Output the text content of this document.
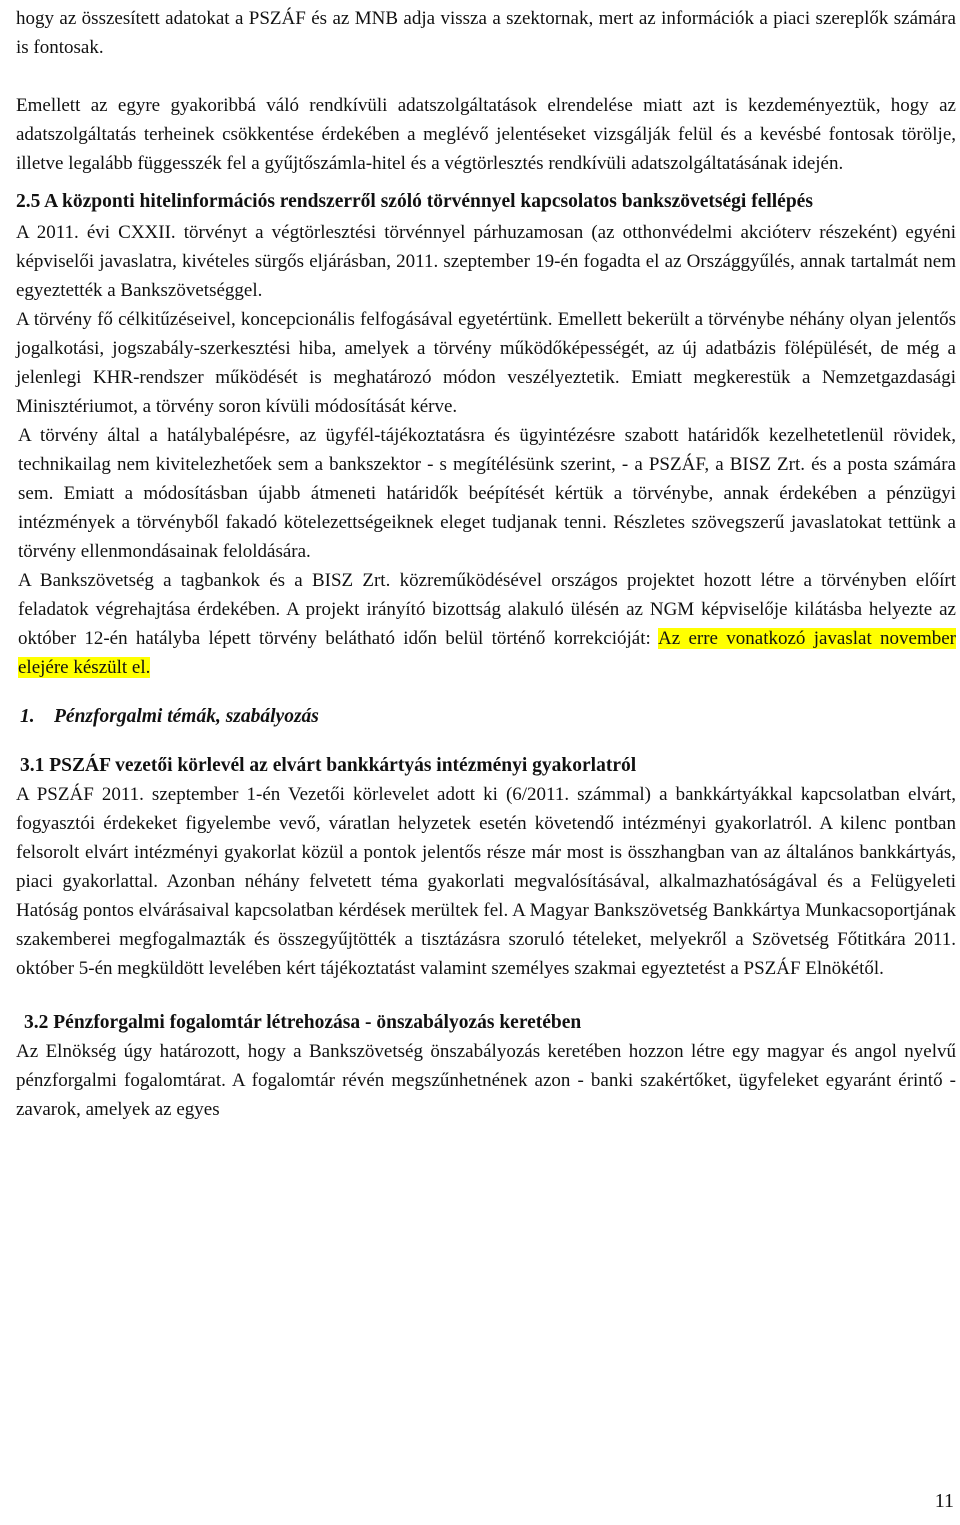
hogy az összesített adatokat a PSZÁF és az MNB adja vissza a szektornak, mert az információk a piaci szereplők számára is fontosak.

Emellett az egyre gyakoribbá váló rendkívüli adatszolgáltatások elrendelése miatt azt is kezdeményeztük, hogy az adatszolgáltatás terheinek csökkentése érdekében a meglévő jelentéseket vizsgálják felül és a kevésbé fontosak törölje, illetve legalább függesszék fel a gyűjtőszámla-hitel és a végtörlesztés rendkívüli adatszolgáltatásának idején.

2.5 A központi hitelinformációs rendszerről szóló törvénnyel kapcsolatos bankszövetségi fellépés

A 2011. évi CXXII. törvényt a végtörlesztési törvénnyel párhuzamosan (az otthonvédelmi akcióterv részeként) egyéni képviselői javaslatra, kivételes sürgős eljárásban, 2011. szeptember 19-én fogadta el az Országgyűlés, annak tartalmát nem egyeztették a Bankszövetséggel.

A törvény fő célkitűzéseivel, koncepcionális felfogásával egyetértünk. Emellett bekerült a törvénybe néhány olyan jelentős jogalkotási, jogszabály-szerkesztési hiba, amelyek a törvény működőképességét, az új adatbázis fölépülését, de még a jelenlegi KHR-rendszer működését is meghatározó módon veszélyeztetik. Emiatt megkerestük a Nemzetgazdasági Minisztériumot, a törvény soron kívüli módosítását kérve.

A törvény által a hatálybalépésre, az ügyfél-tájékoztatásra és ügyintézésre szabott határidők kezelhetetlenül rövidek, technikailag nem kivitelezhetőek sem a bankszektor - s megítélésünk szerint, - a PSZÁF, a BISZ Zrt. és a posta számára sem. Emiatt a módosításban újabb átmeneti határidők beépítését kértük a törvénybe, annak érdekében a pénzügyi intézmények a törvényből fakadó kötelezettségeiknek eleget tudjanak tenni. Részletes szövegszerű javaslatokat tettünk a törvény ellenmondásainak feloldására.

A Bankszövetség a tagbankok és a BISZ Zrt. közreműködésével országos projektet hozott létre a törvényben előírt feladatok végrehajtása érdekében. A projekt irányító bizottság alakuló ülésén az NGM képviselője kilátásba helyezte az október 12-én hatályba lépett törvény belátható időn belül történő korrekcióját: Az erre vonatkozó javaslat november elejére készült el.

1. Pénzforgalmi témák, szabályozás

3.1 PSZÁF vezetői körlevél az elvárt bankkártyás intézményi gyakorlatról

A PSZÁF 2011. szeptember 1-én Vezetői körlevelet adott ki (6/2011. számmal) a bankkártyákkal kapcsolatban elvárt, fogyasztói érdekeket figyelembe vevő, váratlan helyzetek esetén követendő intézményi gyakorlatról. A kilenc pontban felsorolt elvárt intézményi gyakorlat közül a pontok jelentős része már most is összhangban van az általános bankkártyás, piaci gyakorlattal. Azonban néhány felvetett téma gyakorlati megvalósításával, alkalmazhatóságával és a Felügyeleti Hatóság pontos elvárásaival kapcsolatban kérdések merültek fel. A Magyar Bankszövetség Bankkártya Munkacsoportjának szakemberei megfogalmazták és összegyűjtötték a tisztázásra szoruló tételeket, melyekről a Szövetség Főtitkára 2011. október 5-én megküldött levelében kért tájékoztatást valamint személyes szakmai egyeztetést a PSZÁF Elnökétől.

3.2 Pénzforgalmi fogalomtár létrehozása - önszabályozás keretében

Az Elnökség úgy határozott, hogy a Bankszövetség önszabályozás keretében hozzon létre egy magyar és angol nyelvű pénzforgalmi fogalomtárat. A fogalomtár révén megszűnhetnének azon - banki szakértőket, ügyfeleket egyaránt érintő - zavarok, amelyek az egyes

11
